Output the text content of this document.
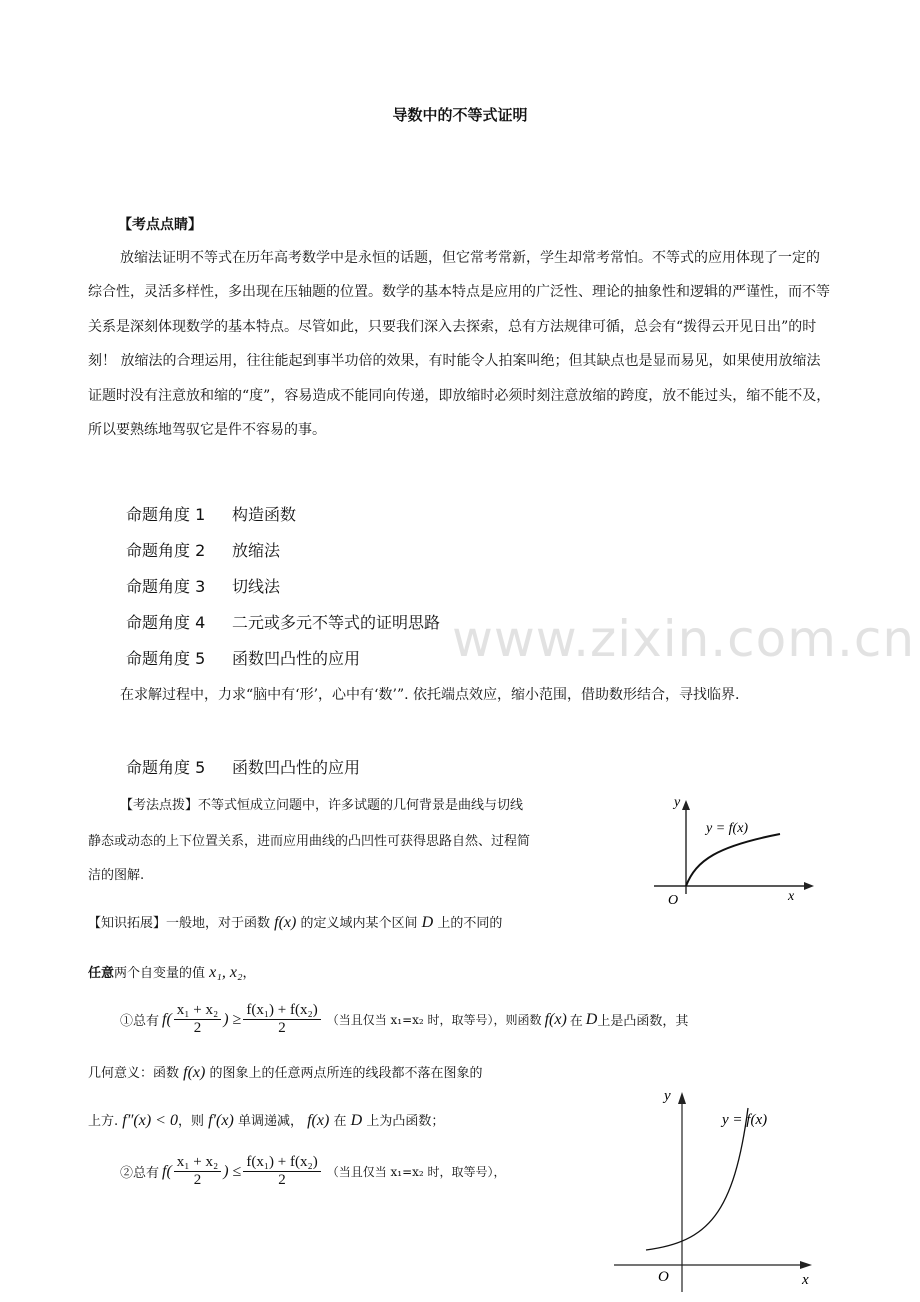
导数中的不等式证明
【考点点睛】
放缩法证明不等式在历年高考数学中是永恒的话题，但它常考常新，学生却常考常怕。不等式的应用体现了一定的综合性，灵活多样性，多出现在压轴题的位置。数学的基本特点是应用的广泛性、理论的抽象性和逻辑的严谨性，而不等关系是深刻体现数学的基本特点。尽管如此，只要我们深入去探索，总有方法规律可循，总会有“拨得云开见日出”的时刻！ 放缩法的合理运用，往往能起到事半功倍的效果，有时能令人拍案叫绝；但其缺点也是显而易见，如果使用放缩法证题时没有注意放和缩的“度”，容易造成不能同向传递，即放缩时必须时刻注意放缩的跨度，放不能过头，缩不能不及，所以要熟练地驾驭它是件不容易的事。
命题角度 1 构造函数
命题角度 2 放缩法
命题角度 3 切线法
命题角度 4 二元或多元不等式的证明思路
命题角度 5 函数凹凸性的应用 www.zixin.com.cn
在求解过程中，力求“脑中有‘形’，心中有‘数’”. 依托端点效应，缩小范围，借助数形结合，寻找临界.
命题角度 5 函数凹凸性的应用
【考法点拨】不等式恒成立问题中，许多试题的几何背景是曲线与切线
静态或动态的上下位置关系，进而应用曲线的凸凹性可获得思路自然、过程简
洁的图解.
y
x
O
y = f(x)
【知识拓展】一般地，对于函数 f(x) 的定义域内某个区间 D 上的不同的
任意两个自变量的值 x₁, x₂，
①总有 $f( \frac{\text{x₁ + x₂}}{2}$ ) ≥ $\frac{\text{f(x₁) + f(x₂)}}{2}$ （当且仅当 x₁=x₂ 时，取等号），则函数 f(x) 在 D 上是凸函数，其
几何意义：函数 f(x) 的图象上的任意两点所连的线段都不落在图象的
上方. f″(x) < 0，则 f′(x) 单调递减， f(x) 在 D 上为凸函数；
②总有 $f( \frac{\text{x₁ + x₂}}{2}$ ) ≤ $\frac{\text{f(x₁) + f(x₂)}}{2}$ （当且仅当 x₁=x₂ 时，取等号），
y
x
O
y = f(x)
